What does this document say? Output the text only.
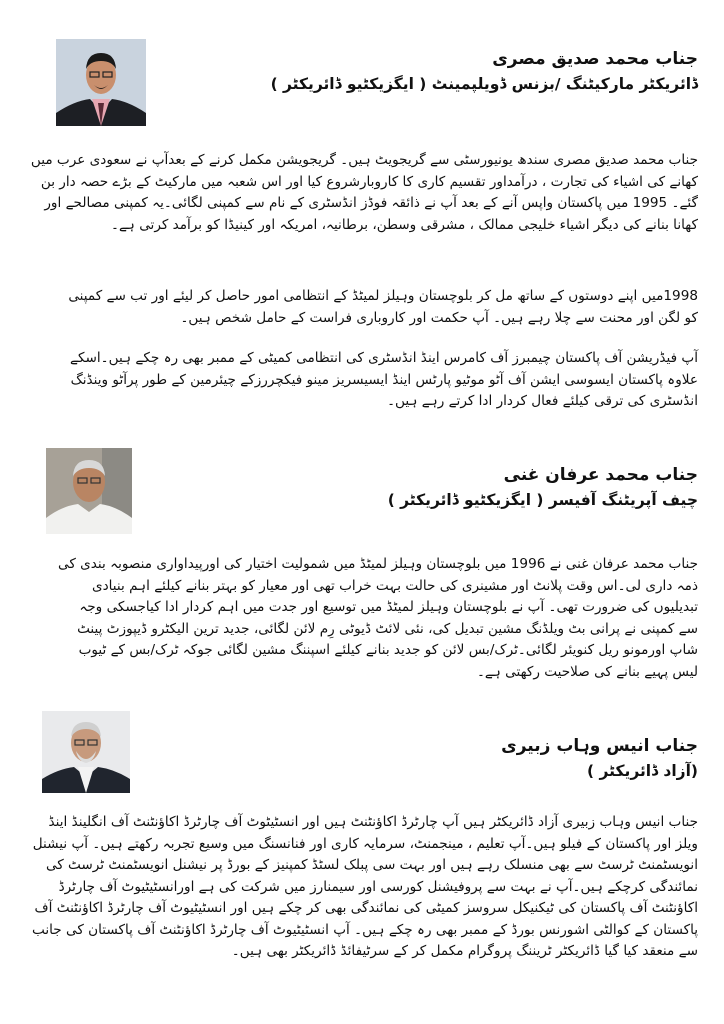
جناب محمد صدیق مصری
ڈائریکٹر مارکیٹنگ /بزنس ڈویلپمینٹ ( ایگزیکٹیو ڈائریکٹر )
جناب محمد صدیق مصری سندھ یونیورسٹی سے گریجویٹ ہیں۔ گریجویشن مکمل کرنے کے بعدآپ نے سعودی عرب میں کھانے کی اشیاء کی تجارت ، درآمداور تقسیم کاری کا کاروبارشروع کیا اور اس شعبہ میں مارکیٹ کے بڑے حصہ دار بن گئے۔ 1995 میں پاکستان واپس آنے کے بعد آپ نے ذائقہ فوڈز انڈسٹری کے نام سے کمپنی لگائی۔یہ کمپنی مصالحے اور کھانا بنانے کی دیگر اشیاء خلیجی ممالک ، مشرقی وسطن، برطانیہ، امریکہ اور کینیڈا کو برآمد کرتی ہے۔
1998میں اپنے دوستوں کے ساتھ مل کر بلوچستان وہیلز لمیٹڈ کے انتظامی امور حاصل کر لیئے اور تب سے کمپنی کو لگن اور محنت سے چلا رہے ہیں۔ آپ حکمت اور کاروباری فراست کے حامل شخص ہیں۔
آپ فیڈریشن آف پاکستان چیمبرز آف کامرس اینڈ انڈسٹری کی انتظامی کمیٹی کے ممبر بھی رہ چکے ہیں۔اسکے علاوہ پاکستان ایسوسی ایشن آف آٹو موٹیو پارٹس اینڈ ایسیسریز مینو فیکچررزکے چیئرمین کے طور پرآٹو وینڈنگ انڈسٹری کی ترقی کیلئے فعال کردار ادا کرتے رہے ہیں۔
جناب محمد عرفان غنی
چیف آپریٹنگ آفیسر ( ایگزیکٹیو ڈائریکٹر )
جناب محمد عرفان غنی نے 1996 میں بلوچستان وہیلز لمیٹڈ میں شمولیت اختیار کی اورپیداواری منصوبہ بندی کی ذمہ داری لی۔اس وقت پلانٹ اور مشینری کی حالت بہت خراب تھی اور معیار کو بہتر بنانے کیلئے اہم بنیادی تبدیلیوں کی ضرورت تھی۔ آپ نے بلوچستان وہیلز لمیٹڈ میں توسیع اور جدت میں اہم کردار ادا کیاجسکی وجہ سے کمپنی نے پرانی بٹ ویلڈنگ مشین تبدیل کی، نئی لائٹ ڈیوٹی رِم لائن لگائی، جدید ترین الیکٹرو ڈیپوزٹ پینٹ شاپ اورمونو ریل کنویئر لگائی۔ٹرک/بس لائن کو جدید بنانے کیلئے اسپننگ مشین لگائی جوکہ ٹرک/بس کے ٹیوب لیس پہیے بنانے کی صلاحیت رکھتی ہے۔
جناب انیس وہاب زبیری
(آزاد ڈائریکٹر )
جناب انیس وہاب زبیری آزاد ڈائریکٹر ہیں آپ چارٹرڈ اکاؤنٹنٹ ہیں اور انسٹیٹوٹ آف چارٹرڈ اکاؤنٹنٹ آف انگلینڈ اینڈ ویلز اور پاکستان کے فیلو ہیں۔آپ تعلیم ، مینجمنٹ، سرمایہ کاری اور فنانسنگ میں وسیع تجربہ رکھتے ہیں۔ آپ نیشنل انویسٹمنٹ ٹرسٹ سے بھی منسلک رہے ہیں اور بہت سی پبلک لسٹڈ کمپنیز کے بورڈ پر نیشنل انویسٹمنٹ ٹرسٹ کی نمائندگی کرچکے ہیں۔آپ نے بہت سے پروفیشنل کورسی اور سیمنارز میں شرکت کی ہے اورانسٹیٹیوٹ آف چارٹرڈ اکاؤنٹنٹ آف پاکستان کی ٹیکنیکل سروسز کمیٹی کی نمائندگی بھی کر چکے ہیں اور انسٹیٹیوٹ آف چارٹرڈ اکاؤنٹنٹ آف پاکستان کے کوالٹی اشورنس بورڈ کے ممبر بھی رہ چکے ہیں۔ آپ انسٹیٹیوٹ آف چارٹرڈ اکاؤنٹنٹ آف پاکستان کی جانب سے منعقد کیا گیا ڈائریکٹر ٹریننگ پروگرام مکمل کر کے سرٹیفائڈ ڈائریکٹر بھی ہیں۔
